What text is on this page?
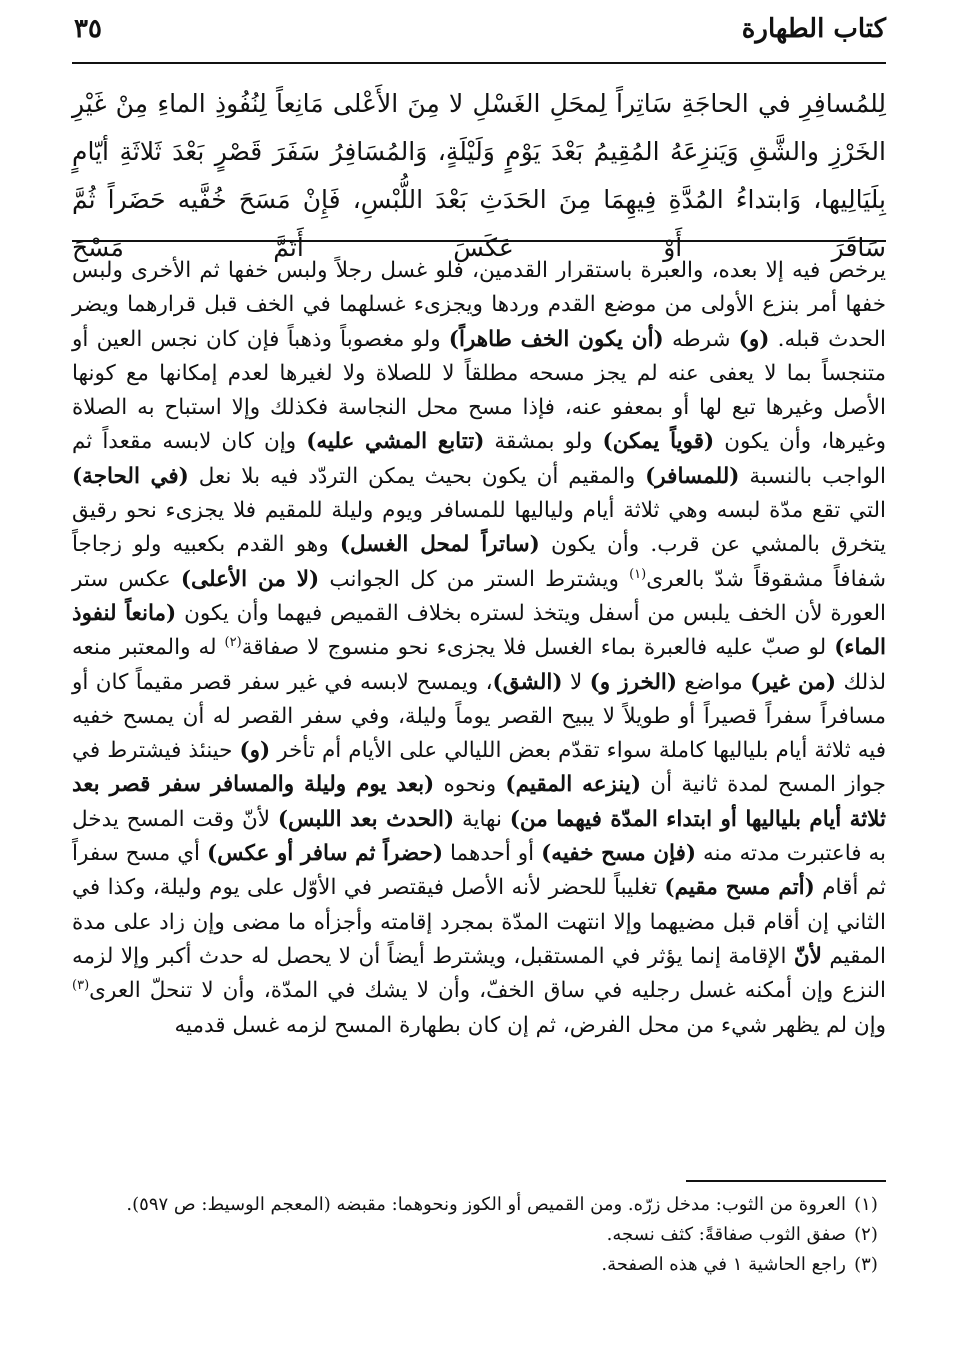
كتاب الطهارة
٣٥

لِلمُسافِرِ في الحاجَةِ سَاتِراً لِمحَلِ الغَسْلِ لا مِنَ الأَعْلى مَانِعاً لِنُفُوذِ الماءِ مِنْ غَيْرِ الخَرْزِ والشَّقِ وَيَنزِعَهُ المُقِيمُ بَعْدَ يَوْمٍ وَلَيْلَةٍ، وَالمُسَافِرُ سَفَرَ قَصْرٍ بَعْدَ ثَلاثَةِ أيّامٍ بِلَيَالِيها، وَابتداءُ المُدَّةِ فِيهِمَا مِنَ الحَدَثِ بَعْدَ اللُّبْسِ، فَإِنْ مَسَحَ خُفَّيه حَضَراً ثُمَّ سَافَرَ أَوْ عَكَسَ أَتَمَّ مَسْحَ

يرخص فيه إلا بعده، والعبرة باستقرار القدمين، فلو غسل رجلاً ولبس خفها ثم الأخرى ولبس خفها أمر بنزع الأولى من موضع القدم وردها ويجزىء غسلهما في الخف قبل قرارهما ويضر الحدث قبله. (و) شرطه (أن يكون الخف طاهراً) ولو مغصوباً وذهباً فإن كان نجس العين أو متنجساً بما لا يعفى عنه لم يجز مسحه مطلقاً لا للصلاة ولا لغيرها لعدم إمكانها مع كونها الأصل وغيرها تبع لها أو بمعفو عنه، فإذا مسح محل النجاسة فكذلك وإلا استباح به الصلاة وغيرها، وأن يكون (قوياً يمكن) ولو بمشقة (تتابع المشي عليه) وإن كان لابسه مقعداً ثم الواجب بالنسبة (للمسافر) والمقيم أن يكون بحيث يمكن التردّد فيه بلا نعل (في الحاجة) التي تقع مدّة لبسه وهي ثلاثة أيام ولياليها للمسافر ويوم وليلة للمقيم فلا يجزىء نحو رقيق يتخرق بالمشي عن قرب. وأن يكون (ساتراً لمحل الغسل) وهو القدم بكعبيه ولو زجاجاً شفافاً مشقوقاً شدّ بالعرى$^{(١)}$ ويشترط الستر من كل الجوانب (لا من الأعلى) عكس ستر العورة لأن الخف يلبس من أسفل ويتخذ لستره بخلاف القميص فيهما وأن يكون (مانعاً لنفوذ الماء) لو صبّ عليه فالعبرة بماء الغسل فلا يجزىء نحو منسوج لا صفاقة$^{(٢)}$ له والمعتبر منعه لذلك (من غير) مواضع (الخرز و) لا (الشق)، ويمسح لابسه في غير سفر قصر مقيماً كان أو مسافراً سفراً قصيراً أو طويلاً لا يبيح القصر يوماً وليلة، وفي سفر القصر له أن يمسح خفيه فيه ثلاثة أيام بلياليها كاملة سواء تقدّم بعض الليالي على الأيام أم تأخر (و) حينئذ فيشترط في جواز المسح لمدة ثانية أن (ينزعه المقيم) ونحوه (بعد يوم وليلة والمسافر سفر قصر بعد ثلاثة أيام بلياليها أو ابتداء المدّة فيهما من) نهاية (الحدث بعد اللبس) لأنّ وقت المسح يدخل به فاعتبرت مدته منه (فإن مسح خفيه) أو أحدهما (حضراً ثم سافر أو عكس) أي مسح سفراً ثم أقام (أتم مسح مقيم) تغليباً للحضر لأنه الأصل فيقتصر في الأوّل على يوم وليلة، وكذا في الثاني إن أقام قبل مضيهما وإلا انتهت المدّة بمجرد إقامته وأجزأه ما مضى وإن زاد على مدة المقيم لأنّ الإقامة إنما يؤثر في المستقبل، ويشترط أيضاً أن لا يحصل له حدث أكبر وإلا لزمه النزع وإن أمكنه غسل رجليه في ساق الخفّ، وأن لا يشك في المدّة، وأن لا تنحلّ العرى$^{(٣)}$ وإن لم يظهر شيء من محل الفرض، ثم إن كان بطهارة المسح لزمه غسل قدميه

(١)
العروة من الثوب: مدخل زرّه. ومن القميص أو الكوز ونحوهما: مقبضه (المعجم الوسيط: ص ٥٩٧).
(٢)
صفق الثوب صفاقةً: كثف نسجه.
(٣)
راجع الحاشية ١ في هذه الصفحة.
